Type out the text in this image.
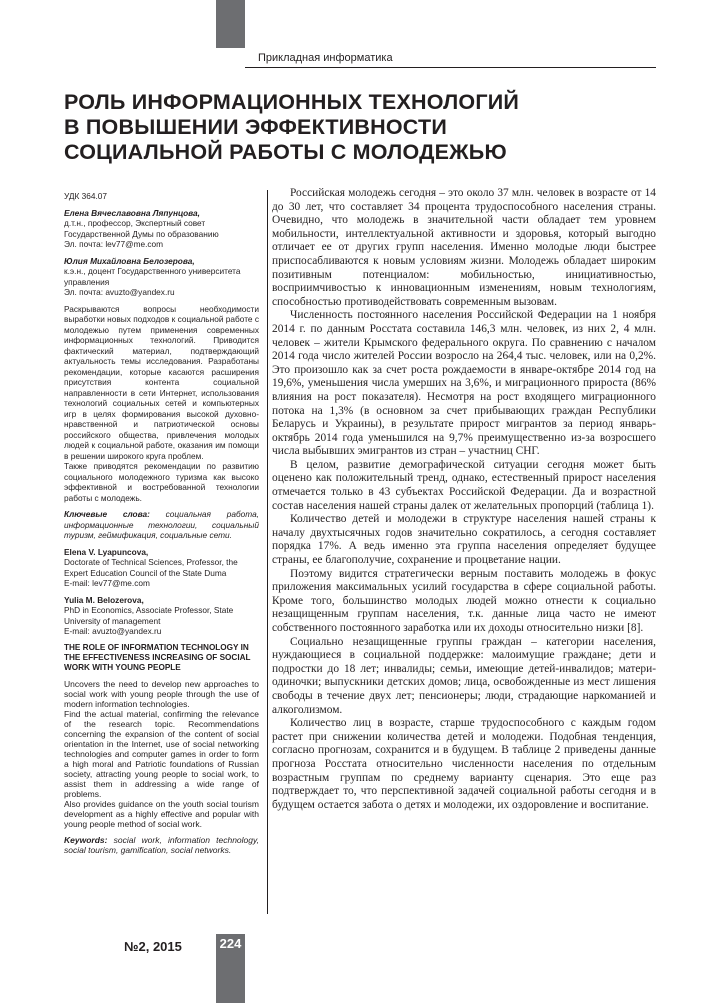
Прикладная информатика
РОЛЬ ИНФОРМАЦИОННЫХ ТЕХНОЛОГИЙ
В ПОВЫШЕНИИ ЭФФЕКТИВНОСТИ
СОЦИАЛЬНОЙ РАБОТЫ С МОЛОДЕЖЬЮ

УДК 364.07

Елена Вячеславовна Ляпунцова,

д.т.н., профессор, Экспертный совет Государственной Думы по образованию

Эл. почта: lev77@me.com

Юлия Михайловна Белозерова,

к.э.н., доцент Государственного университета управления

Эл. почта: avuzto@yandex.ru

Раскрываются вопросы необходимости выработки новых подходов к социальной работе с молодежью путем применения современных информационных технологий. Приводится фактический материал, подтверждающий актуальность темы исследования. Разработаны рекомендации, которые касаются расширения присутствия контента социальной направленности в сети Интернет, использования технологий социальных сетей и компьютерных игр в целях формирования высокой духовно-нравственной и патриотической основы российского общества, привлечения молодых людей к социальной работе, оказания им помощи в решении широкого круга проблем.

Также приводятся рекомендации по развитию социального молодежного туризма как высоко эффективной и востребованной технологии работы с молодежь.

Ключевые слова: социальная работа, информационные технологии, социальный туризм, геймификация, социальные сети.

Elena V. Lyapuncova,

Doctorate of Technical Sciences, Professor, the Expert Education Council of the State Duma

E-mail: lev77@me.com

Yulia M. Belozerova,

PhD in Economics, Associate Professor, State University of management

E-mail: avuzto@yandex.ru

THE ROLE OF INFORMATION TECHNOLOGY IN THE EFFECTIVENESS INCREASING OF SOCIAL WORK WITH YOUNG PEOPLE

Uncovers the need to develop new approaches to social work with young people through the use of modern information technologies.

Find the actual material, confirming the relevance of the research topic. Recommendations concerning the expansion of the content of social orientation in the Internet, use of social networking technologies and computer games in order to form a high moral and Patriotic foundations of Russian society, attracting young people to social work, to assist them in addressing a wide range of problems.

Also provides guidance on the youth social tourism development as a highly effective and popular with young people method of social work.

Keywords: social work, information technology, social tourism, gamification, social networks.

Российская молодежь сегодня – это около 37 млн. человек в возрасте от 14 до 30 лет, что составляет 34 процента трудоспособного населения страны. Очевидно, что молодежь в значительной части обладает тем уровнем мобильности, интеллектуальной активности и здоровья, который выгодно отличает ее от других групп населения. Именно молодые люди быстрее приспосабливаются к новым условиям жизни. Молодежь обладает широким позитивным потенциалом: мобильностью, инициативностью, восприимчивостью к инновационным изменениям, новым технологиям, способностью противодействовать современным вызовам.

Численность постоянного населения Российской Федерации на 1 ноября 2014 г. по данным Росстата составила 146,3 млн. человек, из них 2, 4 млн. человек – жители Крымского федерального округа. По сравнению с началом 2014 года число жителей России возросло на 264,4 тыс. человек, или на 0,2%. Это произошло как за счет роста рождаемости в январе-октябре 2014 год на 19,6%, уменьшения числа умерших на 3,6%, и миграционного прироста (86% влияния на рост показателя). Несмотря на рост входящего миграционного потока на 1,3% (в основном за счет прибывающих граждан Республики Беларусь и Украины), в результате прирост мигрантов за период январь-октябрь 2014 года уменьшился на 9,7% преимущественно из-за возросшего числа выбывших эмигрантов из стран – участниц СНГ.

В целом, развитие демографической ситуации сегодня может быть оценено как положительный тренд, однако, естественный прирост населения отмечается только в 43 субъектах Российской Федерации. Да и возрастной состав населения нашей страны далек от желательных пропорций (таблица 1).

Количество детей и молодежи в структуре населения нашей страны к началу двухтысячных годов значительно сократилось, а сегодня составляет порядка 17%. А ведь именно эта группа населения определяет будущее страны, ее благополучие, сохранение и процветание нации.

Поэтому видится стратегически верным поставить молодежь в фокус приложения максимальных усилий государства в сфере социальной работы. Кроме того, большинство молодых людей можно отнести к социально незащищенным группам населения, т.к. данные лица часто не имеют собственного постоянного заработка или их доходы относительно низки [8].

Социально незащищенные группы граждан – категории населения, нуждающиеся в социальной поддержке: малоимущие граждане; дети и подростки до 18 лет; инвалиды; семьи, имеющие детей-инвалидов; матери-одиночки; выпускники детских домов; лица, освобожденные из мест лишения свободы в течение двух лет; пенсионеры; люди, страдающие наркоманией и алкоголизмом.

Количество лиц в возрасте, старше трудоспособного с каждым годом растет при снижении количества детей и молодежи. Подобная тенденция, согласно прогнозам, сохранится и в будущем. В таблице 2 приведены данные прогноза Росстата относительно численности населения по отдельным возрастным группам по среднему варианту сценария. Это еще раз подтверждает то, что перспективной задачей социальной работы сегодня и в будущем остается забота о детях и молодежи, их оздоровление и воспитание.

№2, 2015	224
